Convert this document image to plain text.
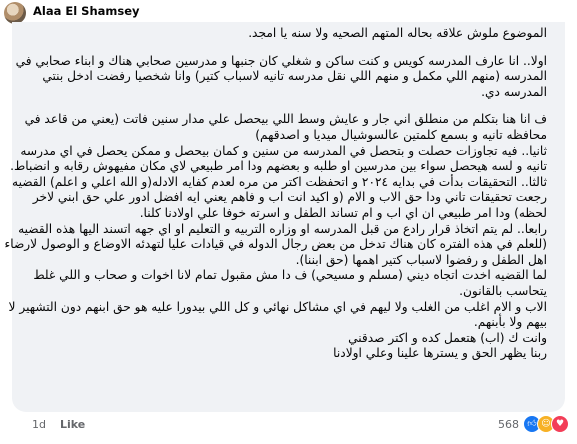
Alaa El Shamsey

الموضوع ملوش علاقه بحاله المتهم الصحيه ولا سنه يا امجد.

اولا.. انا عارف المدرسه كويس و كنت ساكن و شغلي كان جنبها و مدرسين صحابي هناك و ابناء صحابي في المدرسه (منهم اللي مكمل و منهم اللي نقل مدرسه تانيه لاسباب كتير) وانا شخصيا رفضت ادخل بنتي المدرسه دي.

ف انا هنا بتكلم من منطلق اني جار و عايش وسط اللي بيحصل علي مدار سنين فاتت (يعني من قاعد في محافظه تانيه و بسمع كلمتين عالسوشيال ميديا و اصدقهم)

ثانيا.. فيه تجاوزات حصلت و بتحصل في المدرسه من سنين و كمان بيحصل و ممكن يحصل في اي مدرسه تانيه و لسه هيحصل سواء بين مدرسين او طلبه و بعضهم ودا امر طبيعي لاي مكان مفيهوش رقابه و انضباط.

ثالثا.. التحقيقات بدأت في بدايه ٢٠٢٤ و اتحفظت اكتر من مره لعدم كفايه الادله(و الله اعلي و اعلم) القضيه رجعت تحقيقات تاني ودا حق الاب و الام (و اكيد انت اب و فاهم يعني ايه افضل ادور علي حق ابني لاخر لحظه) ودا امر طبيعي ان اي اب و ام تساند الطفل و اسرته خوفا علي اولادنا كلنا.

رابعا.. لم يتم اتخاذ قرار رادع من قبل المدرسه او وزاره التربيه و التعليم او اي جهه اتسند اليها هذه القضيه (للعلم في هذه الفتره كان هناك تدخل من بعض رجال الدوله في قيادات عليا لتهدئه الاوضاع و الوصول لارضاء اهل الطفل و رفضوا لاسباب كتير اهمها (حق ابننا).

لما القضيه اخدت اتجاه ديني (مسلم و مسيحي) ف دا مش مقبول تمام لانا اخوات و صحاب و اللي غلط يتحاسب بالقانون.

الاب و الام اغلب من الغلب ولا ليهم في اي مشاكل نهائي و كل اللي بيدورا عليه هو حق ابنهم دون التشهير لا بيهم ولا بأبنهم.

وانت ك (اب) هتعمل كده و اكتر صدقني

ربنا يظهر الحق و يسترها علينا وعلي اولادنا

1d Like	568 👍︎ ☺︎ ♥︎
